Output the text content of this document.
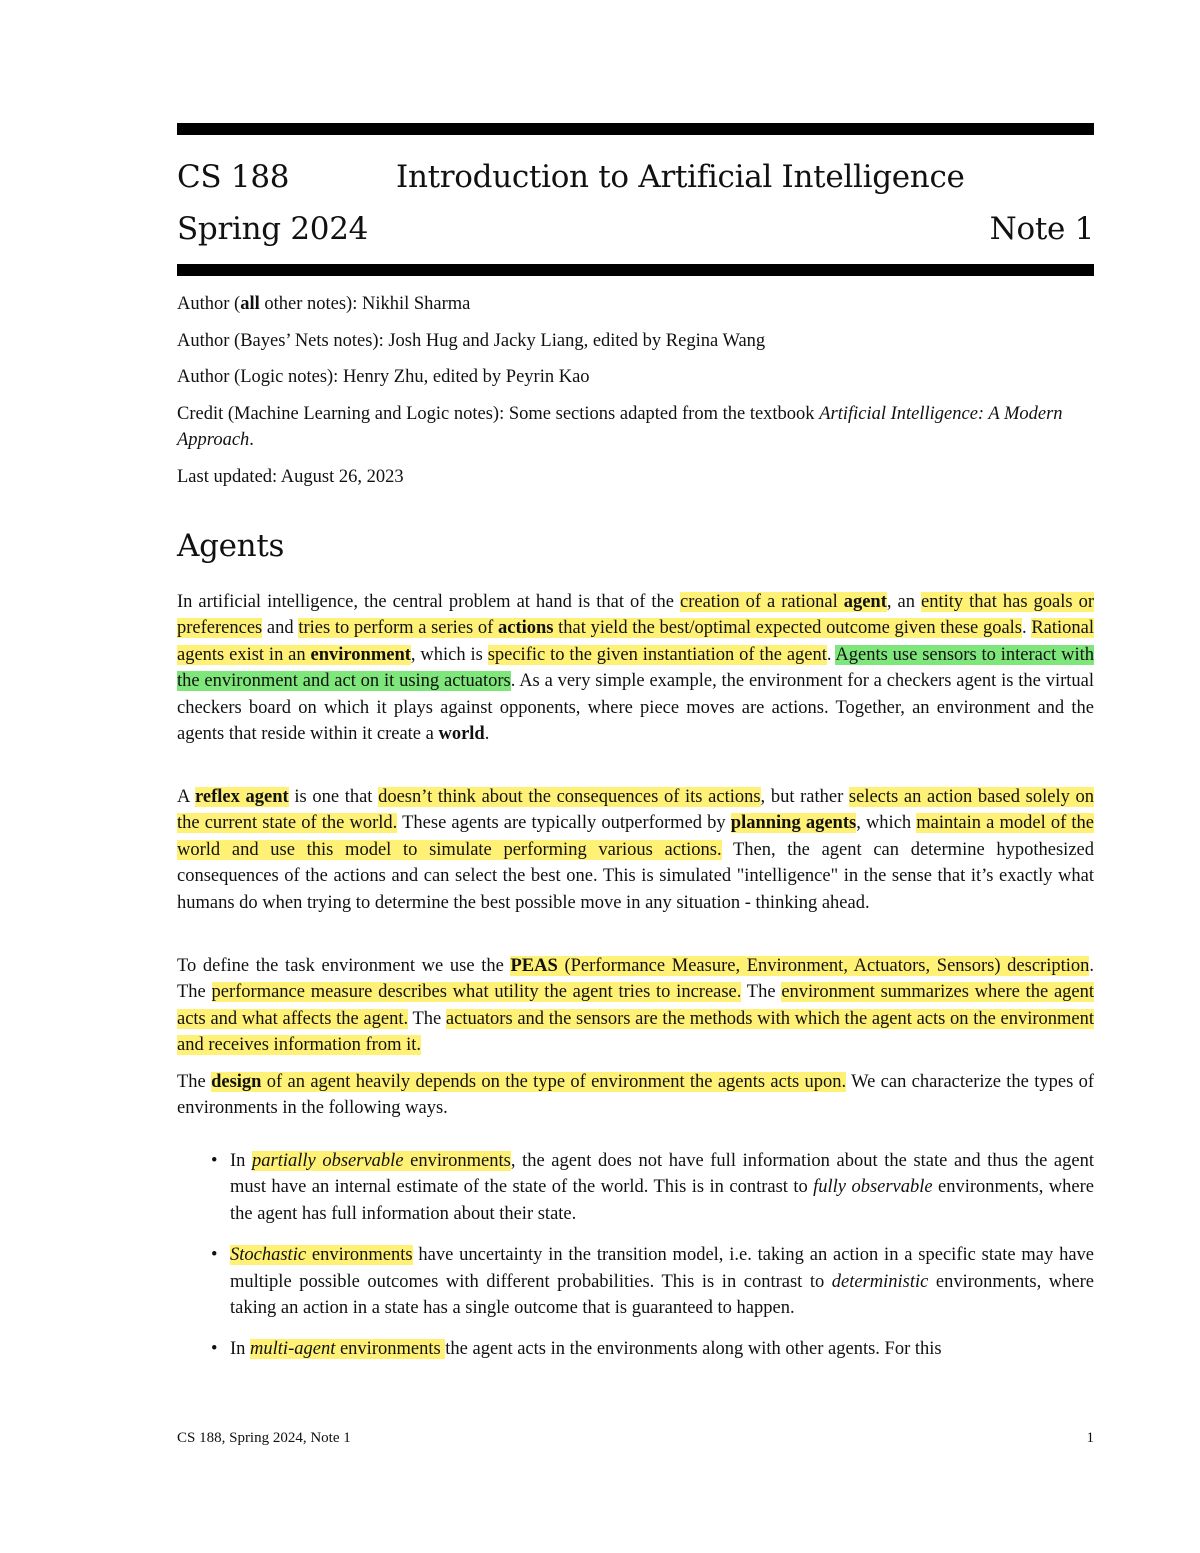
CS 188	Introduction to Artificial Intelligence
Spring 2024	Note 1
Author (all other notes): Nikhil Sharma
Author (Bayes’ Nets notes): Josh Hug and Jacky Liang, edited by Regina Wang
Author (Logic notes): Henry Zhu, edited by Peyrin Kao
Credit (Machine Learning and Logic notes): Some sections adapted from the textbook Artificial Intelligence: A Modern Approach.
Last updated: August 26, 2023
Agents
In artificial intelligence, the central problem at hand is that of the creation of a rational agent, an entity that has goals or preferences and tries to perform a series of actions that yield the best/optimal expected outcome given these goals. Rational agents exist in an environment, which is specific to the given instantiation of the agent. Agents use sensors to interact with the environment and act on it using actuators. As a very simple example, the environment for a checkers agent is the virtual checkers board on which it plays against opponents, where piece moves are actions. Together, an environment and the agents that reside within it create a world.
A reflex agent is one that doesn’t think about the consequences of its actions, but rather selects an action based solely on the current state of the world. These agents are typically outperformed by planning agents, which maintain a model of the world and use this model to simulate performing various actions. Then, the agent can determine hypothesized consequences of the actions and can select the best one. This is simulated "intelligence" in the sense that it’s exactly what humans do when trying to determine the best possible move in any situation - thinking ahead.
To define the task environment we use the PEAS (Performance Measure, Environment, Actuators, Sensors) description. The performance measure describes what utility the agent tries to increase. The environment summarizes where the agent acts and what affects the agent. The actuators and the sensors are the methods with which the agent acts on the environment and receives information from it.
The design of an agent heavily depends on the type of environment the agents acts upon. We can characterize the types of environments in the following ways.
• In partially observable environments, the agent does not have full information about the state and thus the agent must have an internal estimate of the state of the world. This is in contrast to fully observable environments, where the agent has full information about their state.
• Stochastic environments have uncertainty in the transition model, i.e. taking an action in a specific state may have multiple possible outcomes with different probabilities. This is in contrast to deterministic environments, where taking an action in a state has a single outcome that is guaranteed to happen.
• In multi-agent environments the agent acts in the environments along with other agents. For this
CS 188, Spring 2024, Note 1	1
